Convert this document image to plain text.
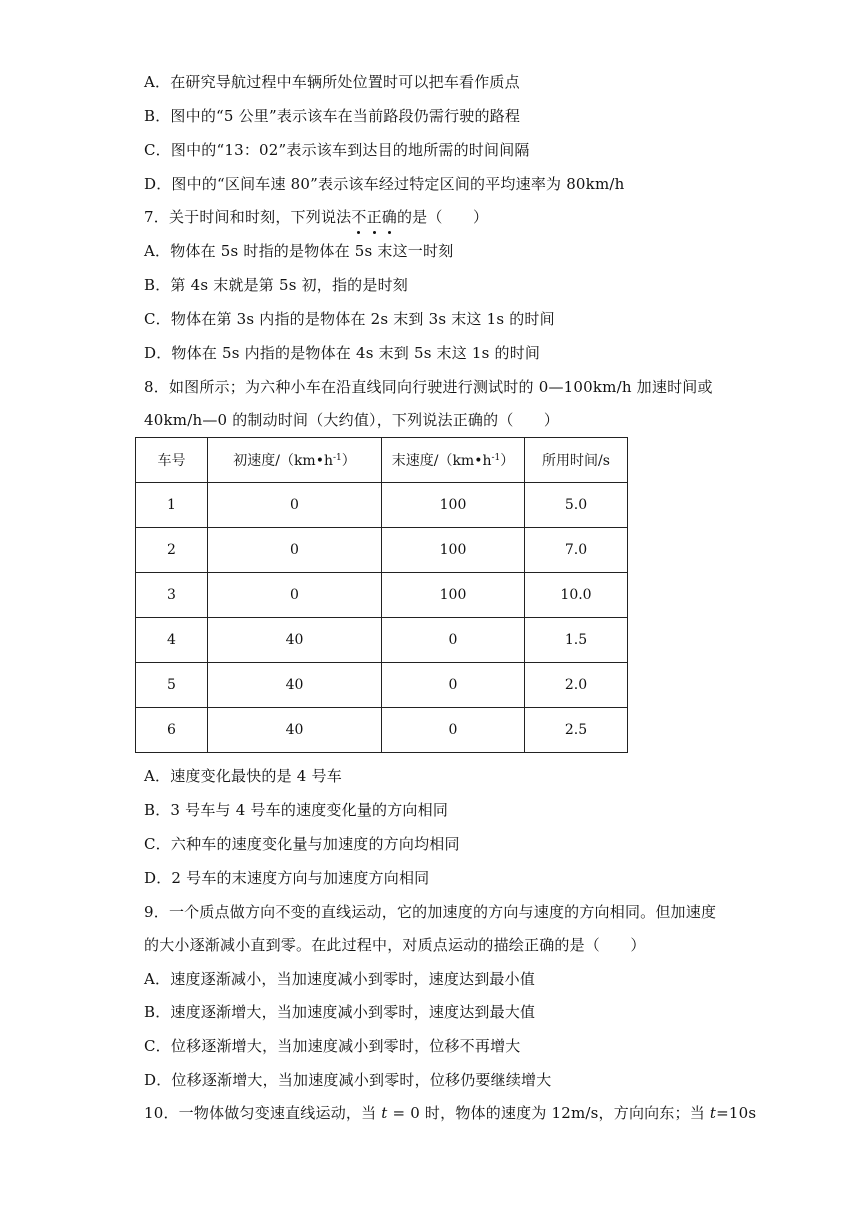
A．在研究导航过程中车辆所处位置时可以把车看作质点
B．图中的“5 公里”表示该车在当前路段仍需行驶的路程
C．图中的“13：02”表示该车到达目的地所需的时间间隔
D．图中的“区间车速 80”表示该车经过特定区间的平均速率为 80km/h
7．关于时间和时刻，下列说法不正确的是（　　）
A．物体在 5s 时指的是物体在 5s 末这一时刻
B．第 4s 末就是第 5s 初，指的是时刻
C．物体在第 3s 内指的是物体在 2s 末到 3s 末这 1s 的时间
D．物体在 5s 内指的是物体在 4s 末到 5s 末这 1s 的时间
8．如图所示；为六种小车在沿直线同向行驶进行测试时的 0—100km/h 加速时间或
40km/h—0 的制动时间（大约值），下列说法正确的（　　）
车号	初速度$/(km•h^{-1})$	末速度$/(km•h^{-1})$	所用时间/s
1	0	100	5.0
2	0	100	7.0
3	0	100	10.0
4	40	0	1.5
5	40	0	2.0
6	40	0	2.5
A．速度变化最快的是 4 号车
B．3 号车与 4 号车的速度变化量的方向相同
C．六种车的速度变化量与加速度的方向均相同
D．2 号车的末速度方向与加速度方向相同
9．一个质点做方向不变的直线运动，它的加速度的方向与速度的方向相同。但加速度
的大小逐渐减小直到零。在此过程中，对质点运动的描绘正确的是（　　）
A．速度逐渐减小，当加速度减小到零时，速度达到最小值
B．速度逐渐增大，当加速度减小到零时，速度达到最大值
C．位移逐渐增大，当加速度减小到零时，位移不再增大
D．位移逐渐增大，当加速度减小到零时，位移仍要继续增大
10．一物体做匀变速直线运动，当 t = 0 时，物体的速度为 12m/s，方向向东；当 t=10s
